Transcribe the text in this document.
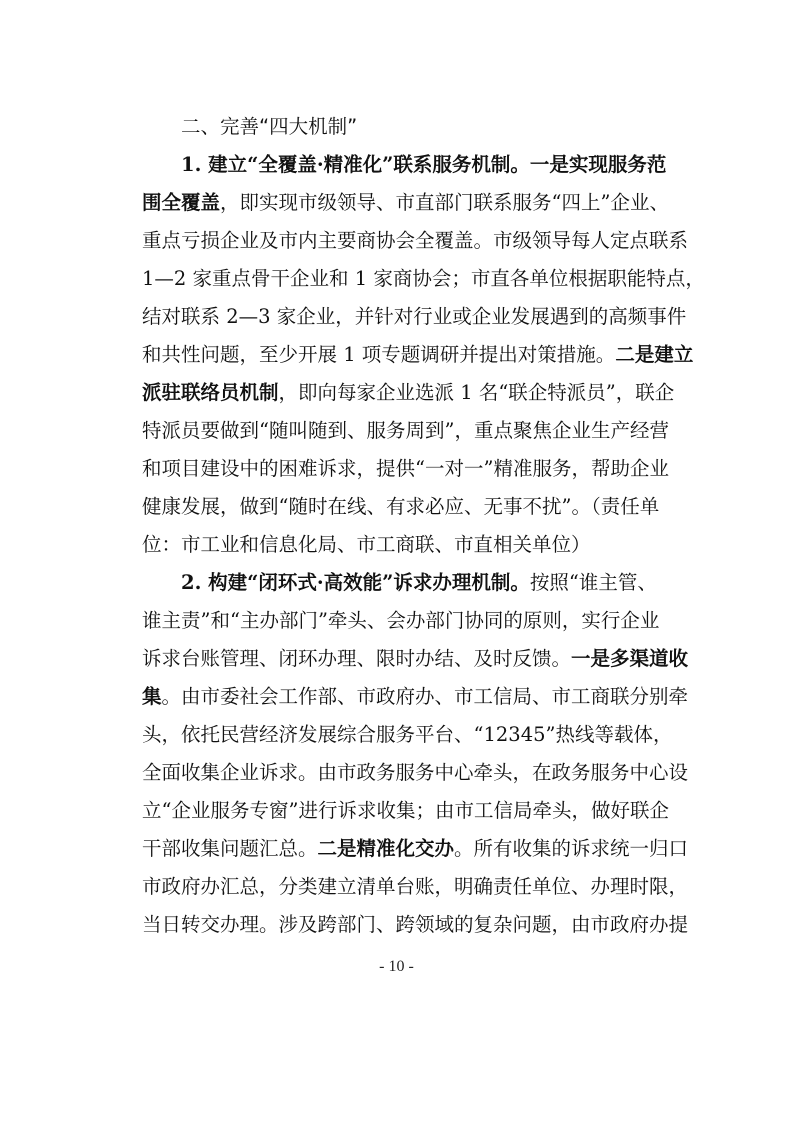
二、完善“四大机制”
1. 建立“全覆盖·精准化”联系服务机制。一是实现服务范
围全覆盖，即实现市级领导、市直部门联系服务“四上”企业、
重点亏损企业及市内主要商协会全覆盖。市级领导每人定点联系
1—2 家重点骨干企业和 1 家商协会；市直各单位根据职能特点，
结对联系 2—3 家企业，并针对行业或企业发展遇到的高频事件
和共性问题，至少开展 1 项专题调研并提出对策措施。二是建立
派驻联络员机制，即向每家企业选派 1 名“联企特派员”，联企
特派员要做到“随叫随到、服务周到”，重点聚焦企业生产经营
和项目建设中的困难诉求，提供“一对一”精准服务，帮助企业
健康发展，做到“随时在线、有求必应、无事不扰”。（责任单
位：市工业和信息化局、市工商联、市直相关单位）
2. 构建“闭环式·高效能”诉求办理机制。按照“谁主管、
谁主责”和“主办部门”牵头、会办部门协同的原则，实行企业
诉求台账管理、闭环办理、限时办结、及时反馈。一是多渠道收
集。由市委社会工作部、市政府办、市工信局、市工商联分别牵
头，依托民营经济发展综合服务平台、“12345”热线等载体，
全面收集企业诉求。由市政务服务中心牵头，在政务服务中心设
立“企业服务专窗”进行诉求收集；由市工信局牵头，做好联企
干部收集问题汇总。二是精准化交办。所有收集的诉求统一归口
市政府办汇总，分类建立清单台账，明确责任单位、办理时限，
当日转交办理。涉及跨部门、跨领域的复杂问题，由市政府办提
- 10 -
